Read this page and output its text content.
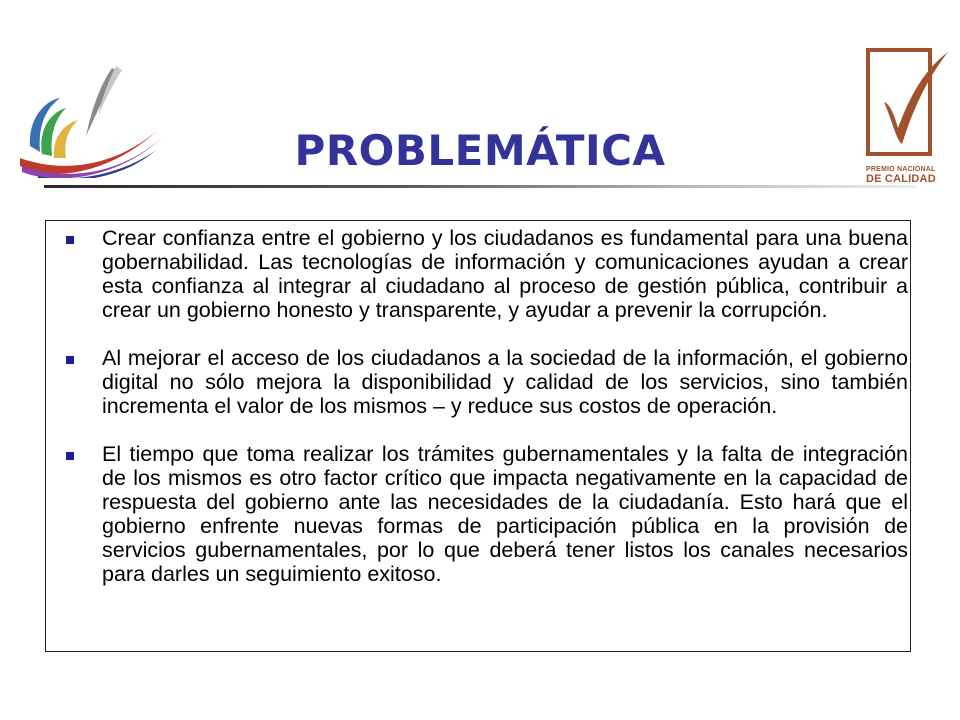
PROBLEMÁTICA	PREMIO NACIONAL
DE CALIDAD
Crear confianza entre el gobierno y los ciudadanos es fundamental para una buena gobernabilidad. Las tecnologías de información y comunicaciones ayudan a crear esta confianza al integrar al ciudadano al proceso de gestión pública, contribuir a crear un gobierno honesto y transparente, y ayudar a prevenir la corrupción.
Al mejorar el acceso de los ciudadanos a la sociedad de la información, el gobierno digital no sólo mejora la disponibilidad y calidad de los servicios, sino también incrementa el valor de los mismos – y reduce sus costos de operación.
El tiempo que toma realizar los trámites gubernamentales y la falta de integración de los mismos es otro factor crítico que impacta negativamente en la capacidad de respuesta del gobierno ante las necesidades de la ciudadanía. Esto hará que el gobierno enfrente nuevas formas de participación pública en la provisión de servicios gubernamentales, por lo que deberá tener listos los canales necesarios para darles un seguimiento exitoso.
